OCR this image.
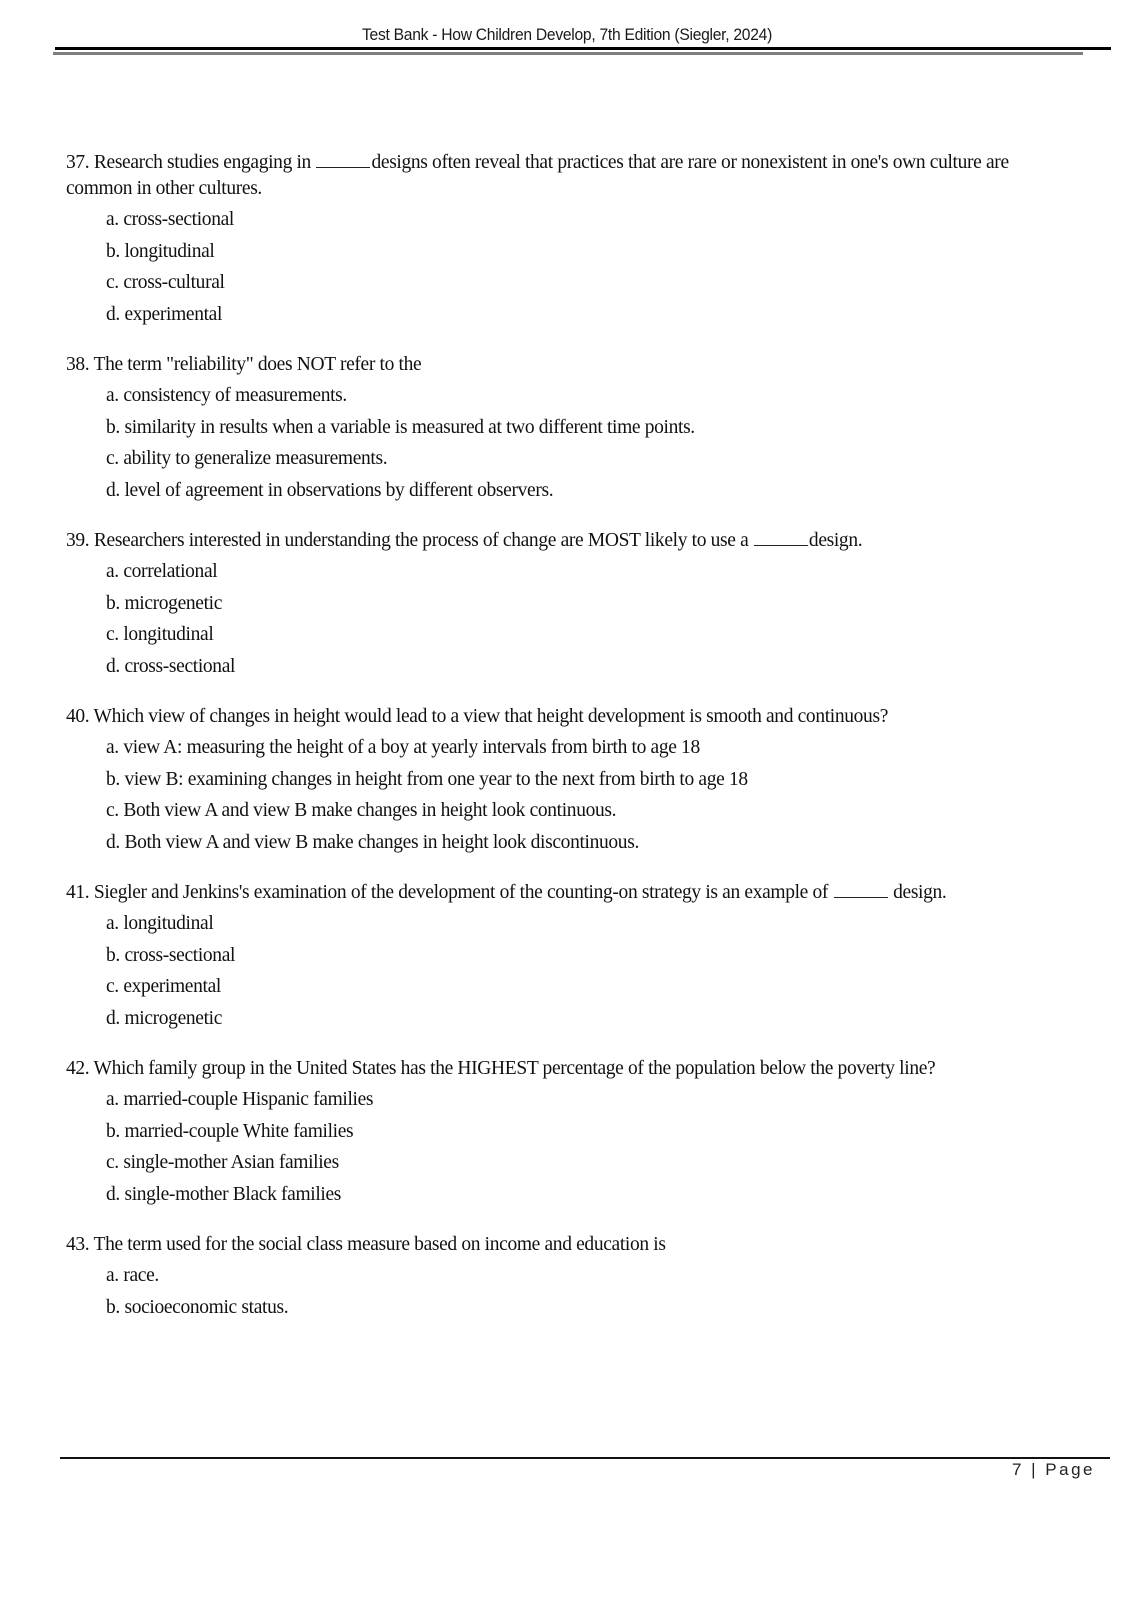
Test Bank - How Children Develop, 7th Edition (Siegler, 2024)

37. Research studies engaging in	designs often reveal that practices that are rare or nonexistent in one's own culture are common in other cultures.

a. cross-sectional
b. longitudinal
c. cross-cultural
d. experimental

38. The term "reliability" does NOT refer to the

a. consistency of measurements.
b. similarity in results when a variable is measured at two different time points.
c. ability to generalize measurements.
d. level of agreement in observations by different observers.

39. Researchers interested in understanding the process of change are MOST likely to use a	design.

a. correlational
b. microgenetic
c. longitudinal
d. cross-sectional

40. Which view of changes in height would lead to a view that height development is smooth and continuous?

a. view A: measuring the height of a boy at yearly intervals from birth to age 18
b. view B: examining changes in height from one year to the next from birth to age 18
c. Both view A and view B make changes in height look continuous.
d. Both view A and view B make changes in height look discontinuous.

41. Siegler and Jenkins's examination of the development of the counting-on strategy is an example of	design.

a. longitudinal
b. cross-sectional
c. experimental
d. microgenetic

42. Which family group in the United States has the HIGHEST percentage of the population below the poverty line?

a. married-couple Hispanic families
b. married-couple White families
c. single-mother Asian families
d. single-mother Black families

43. The term used for the social class measure based on income and education is

a. race.
b. socioeconomic status.
7 | Page
